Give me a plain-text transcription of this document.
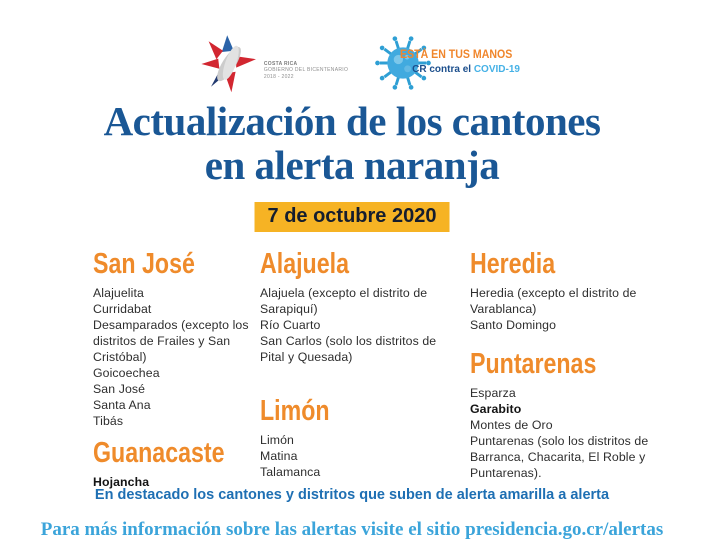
COSTA RICA
GOBIERNO DEL BICENTENARIO
2018 - 2022
ESTÁ EN TUS MANOS
CR contra el COVID-19
Actualización de los cantones
en alerta naranja
7 de octubre 2020
San José
Alajuelita
Curridabat
Desamparados (excepto los distritos de Frailes y San Cristóbal)
Goicoechea
San José
Santa Ana
Tibás
Guanacaste
Hojancha
Alajuela
Alajuela (excepto el distrito de Sarapiquí)
Río Cuarto
San Carlos (solo los distritos de Pital y Quesada)
Limón
Limón
Matina
Talamanca
Heredia
Heredia (excepto el distrito de Varablanca)
Santo Domingo
Puntarenas
Esparza
Garabito
Montes de Oro
Puntarenas (solo los distritos de Barranca, Chacarita, El Roble y Puntarenas).
En destacado los cantones y distritos que suben de alerta amarilla a alerta
Para más información sobre las alertas visite el sitio presidencia.go.cr/alertas
